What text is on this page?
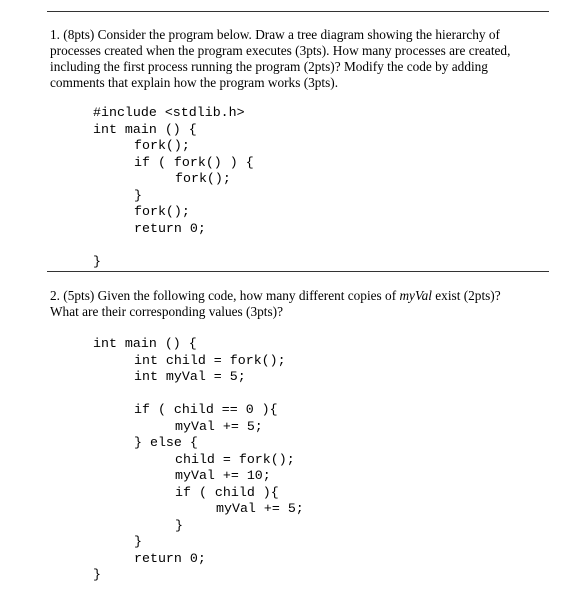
1. (8pts) Consider the program below. Draw a tree diagram showing the hierarchy of
processes created when the program executes (3pts). How many processes are created,
including the first process running the program (2pts)? Modify the code by adding
comments that explain how the program works (3pts).
#include <stdlib.h>
int main () {
fork();
if ( fork() ) {
fork();
}
fork();
return 0;
}
2. (5pts) Given the following code, how many different copies of myVal exist (2pts)?
What are their corresponding values (3pts)?
int main () {
int child = fork();
int myVal = 5;
if ( child == 0 ){
myVal += 5;
} else {
child = fork();
myVal += 10;
if ( child ){
myVal += 5;
}
}
return 0;
}
